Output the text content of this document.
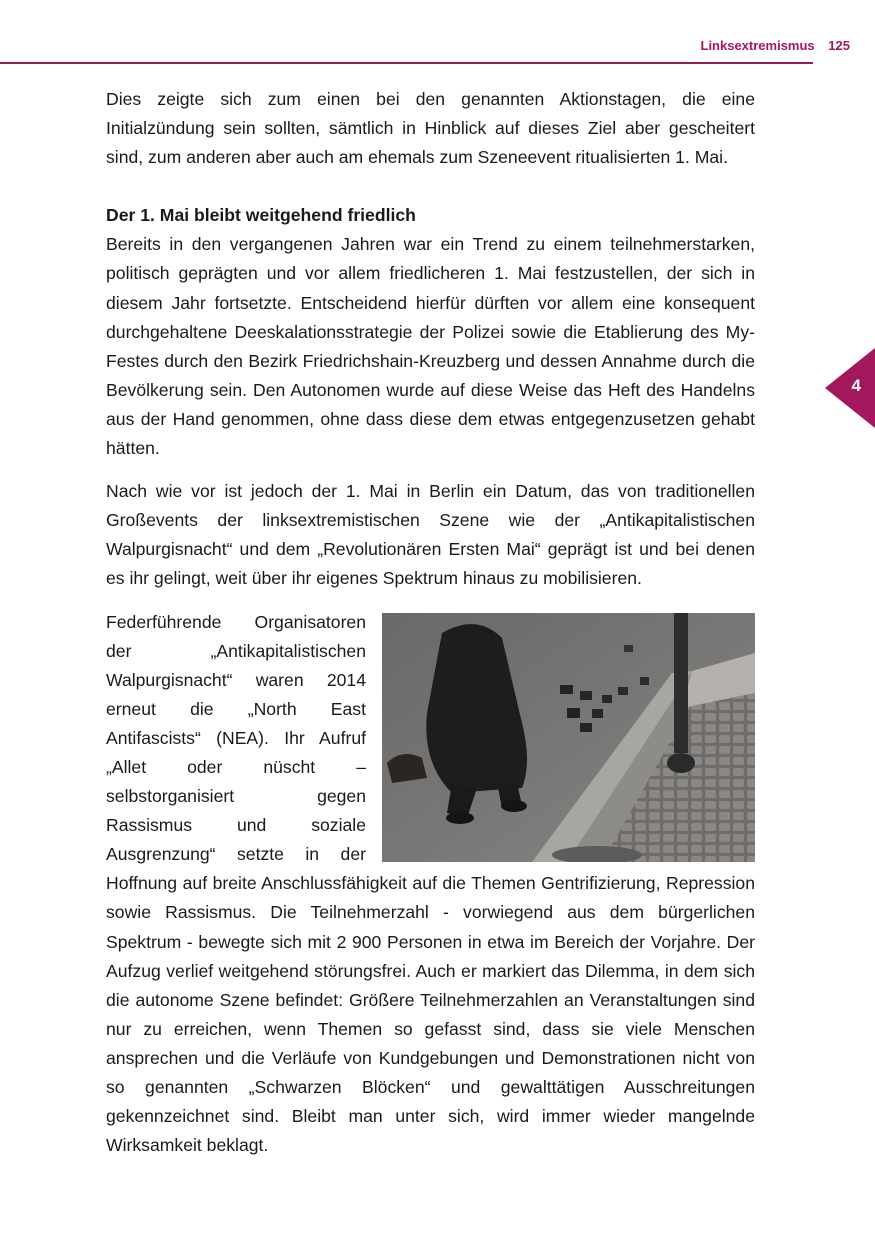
Linksextremismus 125
4

Dies zeigte sich zum einen bei den genannten Aktionstagen, die eine Initialzündung sein sollten, sämtlich in Hinblick auf dieses Ziel aber gescheitert sind, zum anderen aber auch am ehemals zum Szeneevent ritualisierten 1. Mai.

Der 1. Mai bleibt weitgehend friedlich

Bereits in den vergangenen Jahren war ein Trend zu einem teilnehmerstarken, politisch geprägten und vor allem friedlicheren 1. Mai festzustellen, der sich in diesem Jahr fortsetzte. Entscheidend hierfür dürften vor allem eine konsequent durchgehaltene Deeskalationsstrategie der Polizei sowie die Etablierung des My-Festes durch den Bezirk Friedrichshain-Kreuzberg und dessen Annahme durch die Bevölkerung sein. Den Autonomen wurde auf diese Weise das Heft des Handelns aus der Hand genommen, ohne dass diese dem etwas entgegenzusetzen gehabt hätten.

Nach wie vor ist jedoch der 1. Mai in Berlin ein Datum, das von traditionellen Großevents der linksextremistischen Szene wie der „Antikapitalistischen Walpurgisnacht“ und dem „Revolutionären Ersten Mai“ geprägt ist und bei denen es ihr gelingt, weit über ihr eigenes Spektrum hinaus zu mobilisieren.

Federführende Organisatoren der „Antikapitalistischen Walpurgisnacht“ waren 2014 erneut die „North East Antifascists“ (NEA). Ihr Aufruf „Allet oder nüscht – selbstorganisiert gegen Rassismus und soziale Ausgrenzung“ setzte in der Hoffnung auf breite Anschlussfähigkeit auf die Themen Gentrifizierung, Repression sowie Rassismus. Die Teilnehmerzahl - vorwiegend aus dem bürgerlichen Spektrum - bewegte sich mit 2 900 Personen in etwa im Bereich der Vorjahre. Der Aufzug verlief weitgehend störungsfrei. Auch er markiert das Dilemma, in dem sich die autonome Szene befindet: Größere Teilnehmerzahlen an Veranstaltungen sind nur zu erreichen, wenn Themen so gefasst sind, dass sie viele Menschen ansprechen und die Verläufe von Kundgebungen und Demonstrationen nicht von so genannten „Schwarzen Blöcken“ und gewalttätigen Ausschreitungen gekennzeichnet sind. Bleibt man unter sich, wird immer wieder mangelnde Wirksamkeit beklagt.
